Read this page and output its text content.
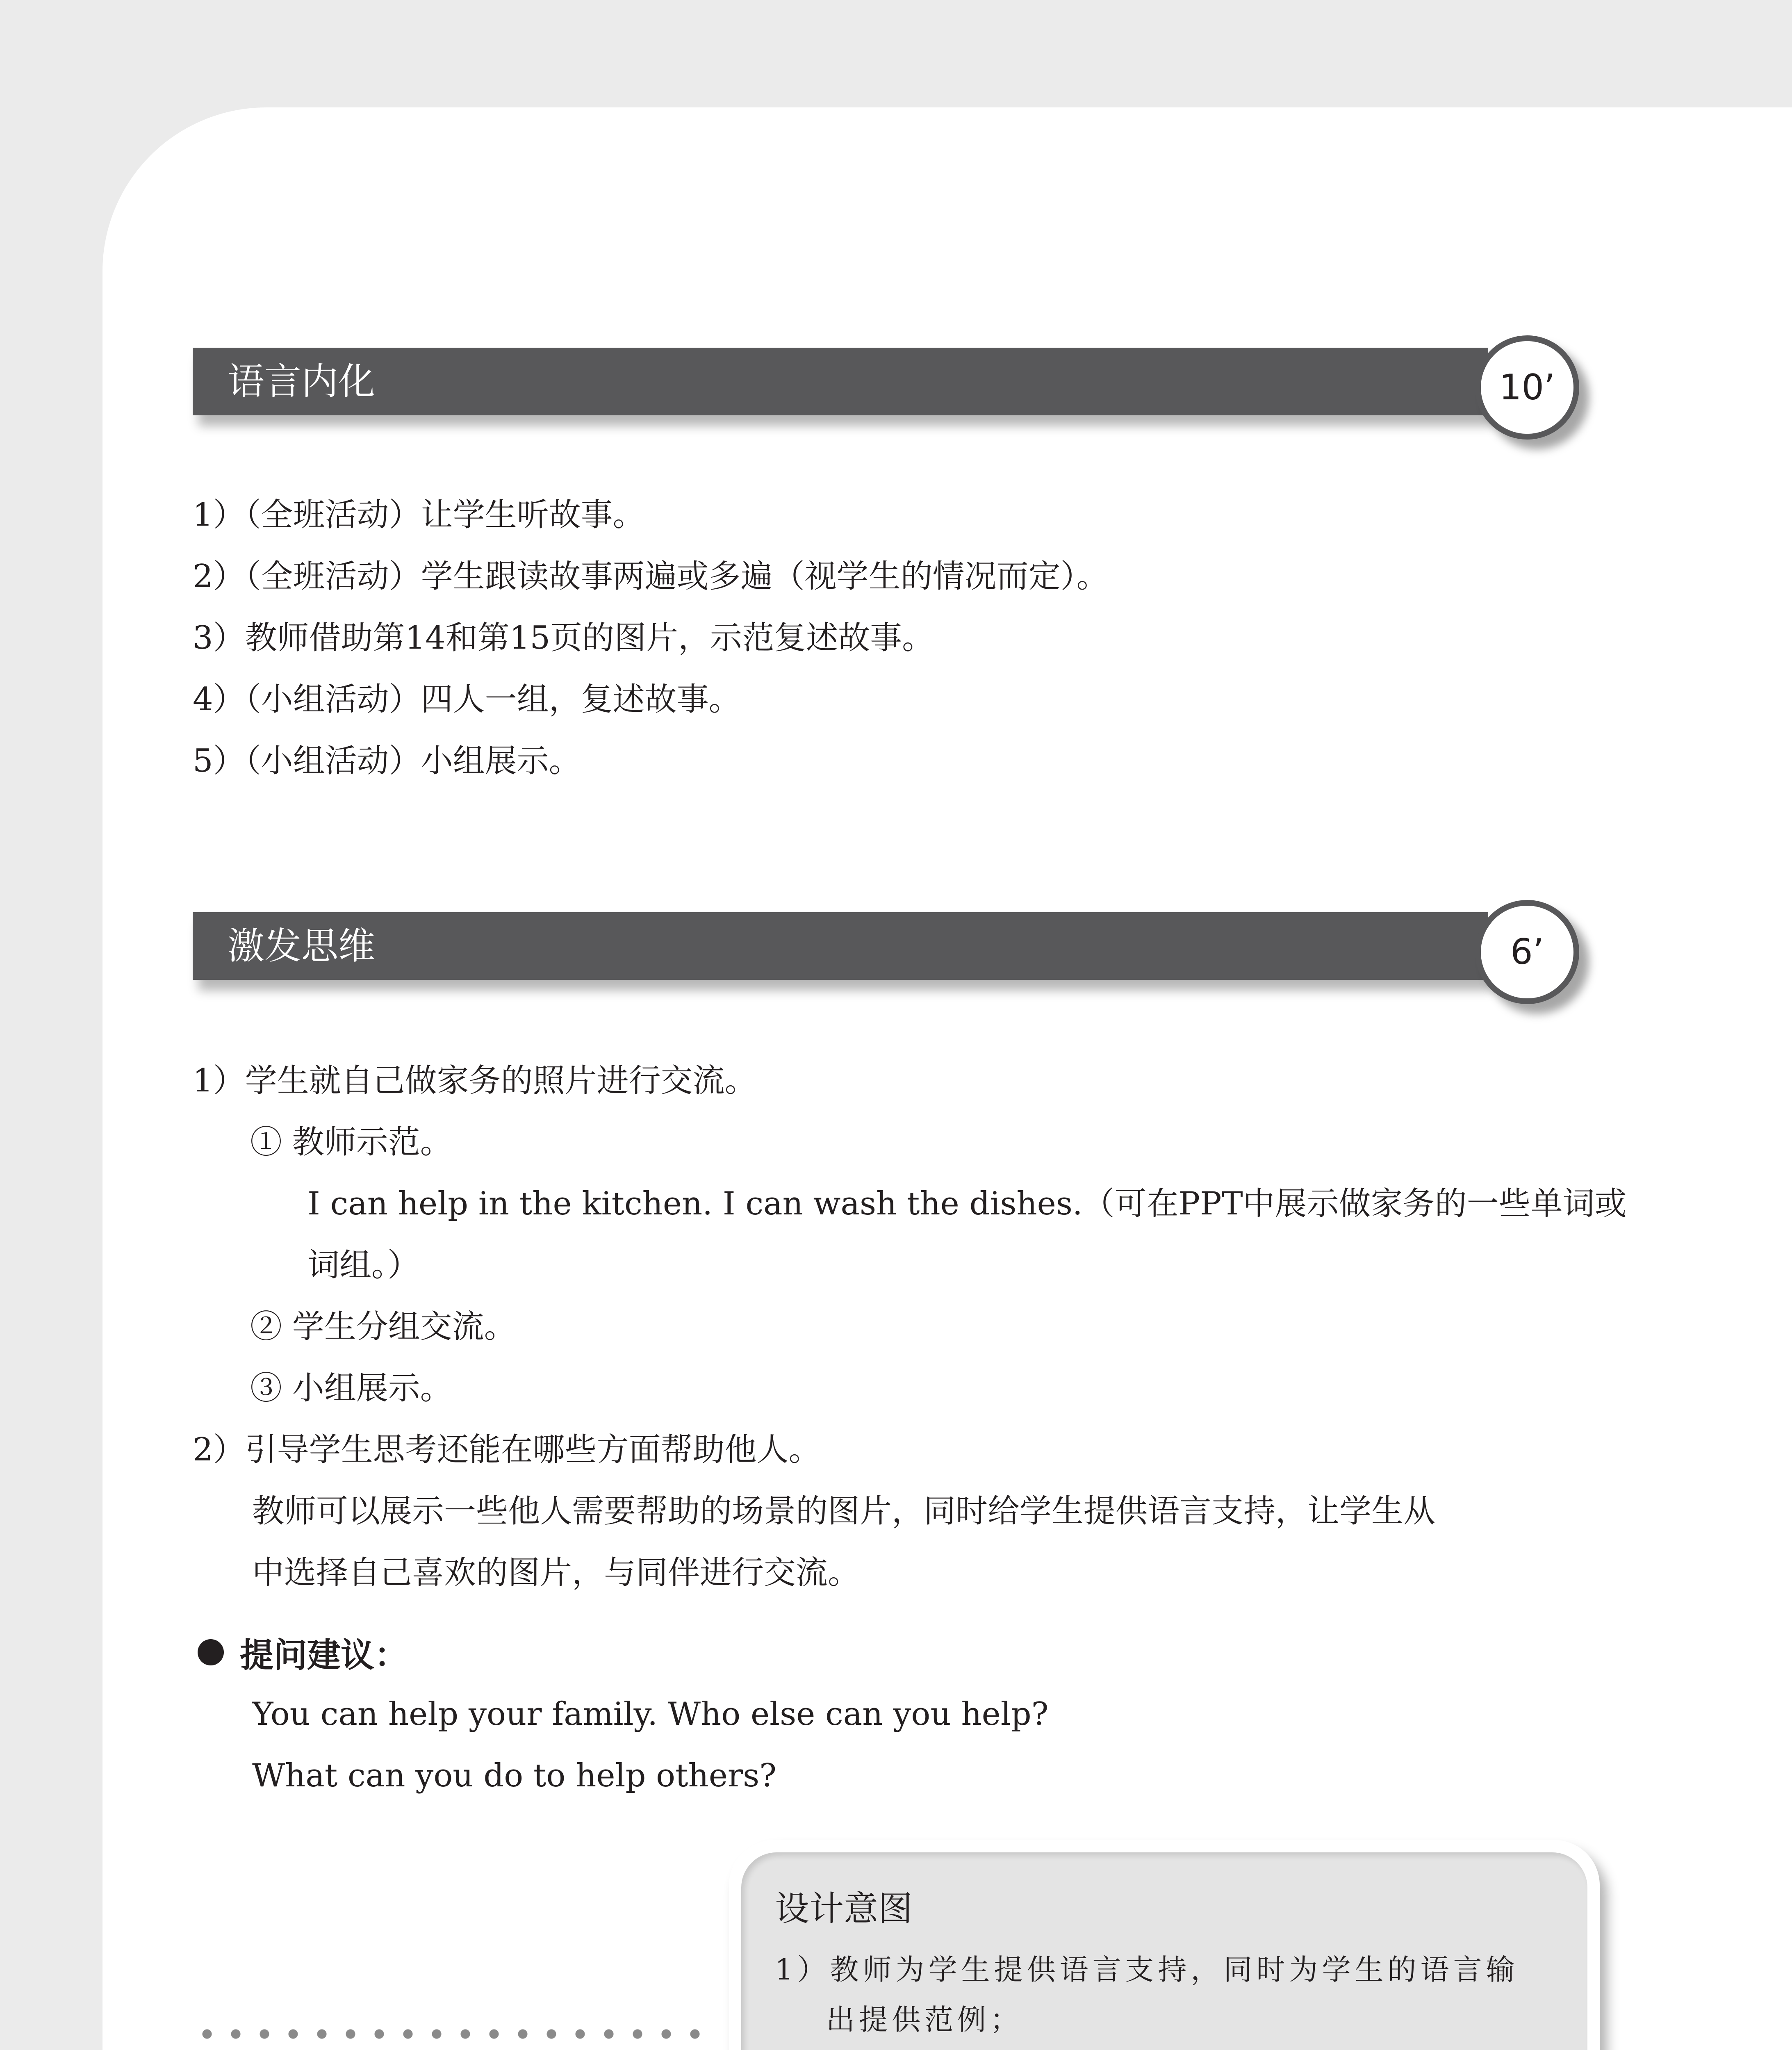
语言内化	10’
1）（全班活动）让学生听故事。
2）（全班活动）学生跟读故事两遍或多遍（视学生的情况而定）。
3）教师借助第14和第15页的图片，示范复述故事。
4）（小组活动）四人一组，复述故事。
5）（小组活动）小组展示。
激发思维	6’
1）学生就自己做家务的照片进行交流。
① 教师示范。
I can help in the kitchen. I can wash the dishes.（可在PPT中展示做家务的一些单词或
词组。）
② 学生分组交流。
③ 小组展示。
2）引导学生思考还能在哪些方面帮助他人。
教师可以展示一些他人需要帮助的场景的图片，同时给学生提供语言支持，让学生从
中选择自己喜欢的图片，与同伴进行交流。
提问建议：
You can help your family. Who else can you help?
What can you do to help others?
设计意图
1）教师为学生提供语言支持，同时为学生的语言输
出提供范例；
